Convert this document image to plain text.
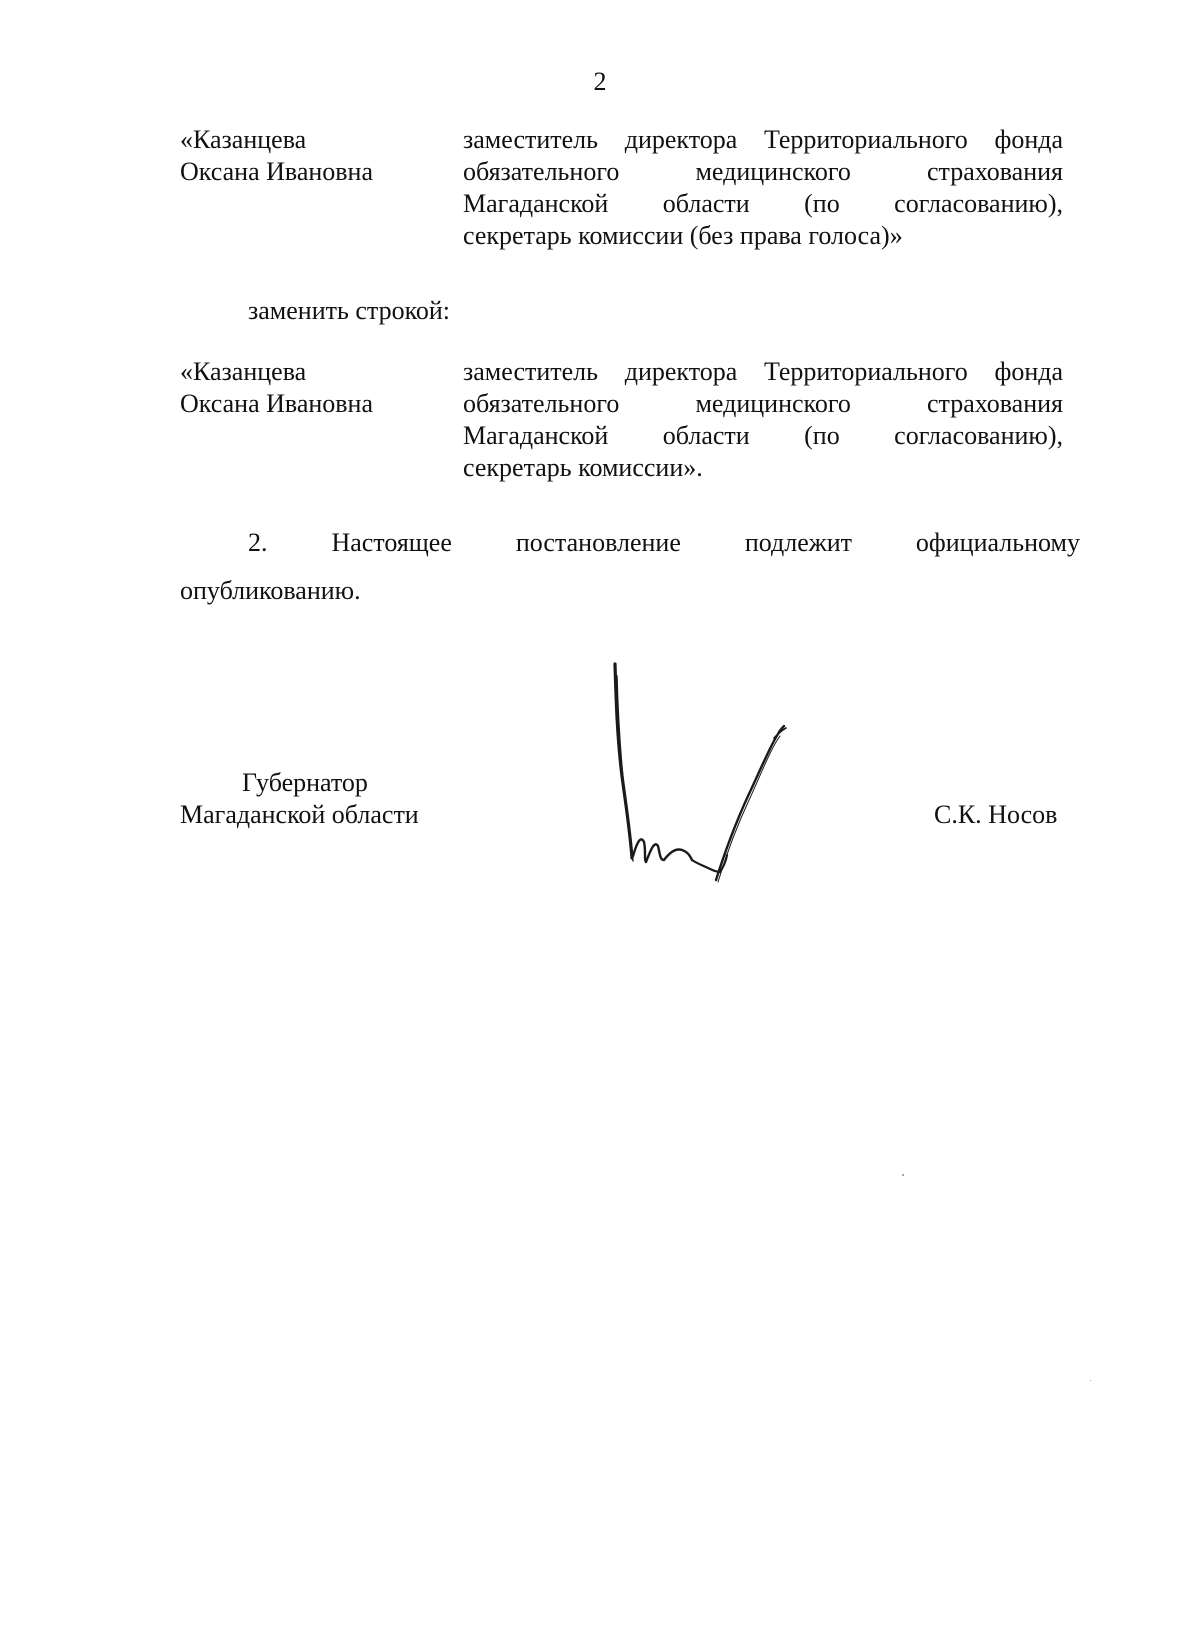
2
«Казанцева
Оксана Ивановна
заместитель директора Территориального фонда
обязательного	медицинского	страхования
Магаданской области (по согласованию),
секретарь комиссии (без права голоса)»
заменить строкой:
«Казанцева
Оксана Ивановна
заместитель директора Территориального фонда
обязательного	медицинского	страхования
Магаданской области (по согласованию),
секретарь комиссии».
2. Настоящее постановление подлежит официальному
опубликованию.
Губернатор
Магаданской области	С.К. Носов
